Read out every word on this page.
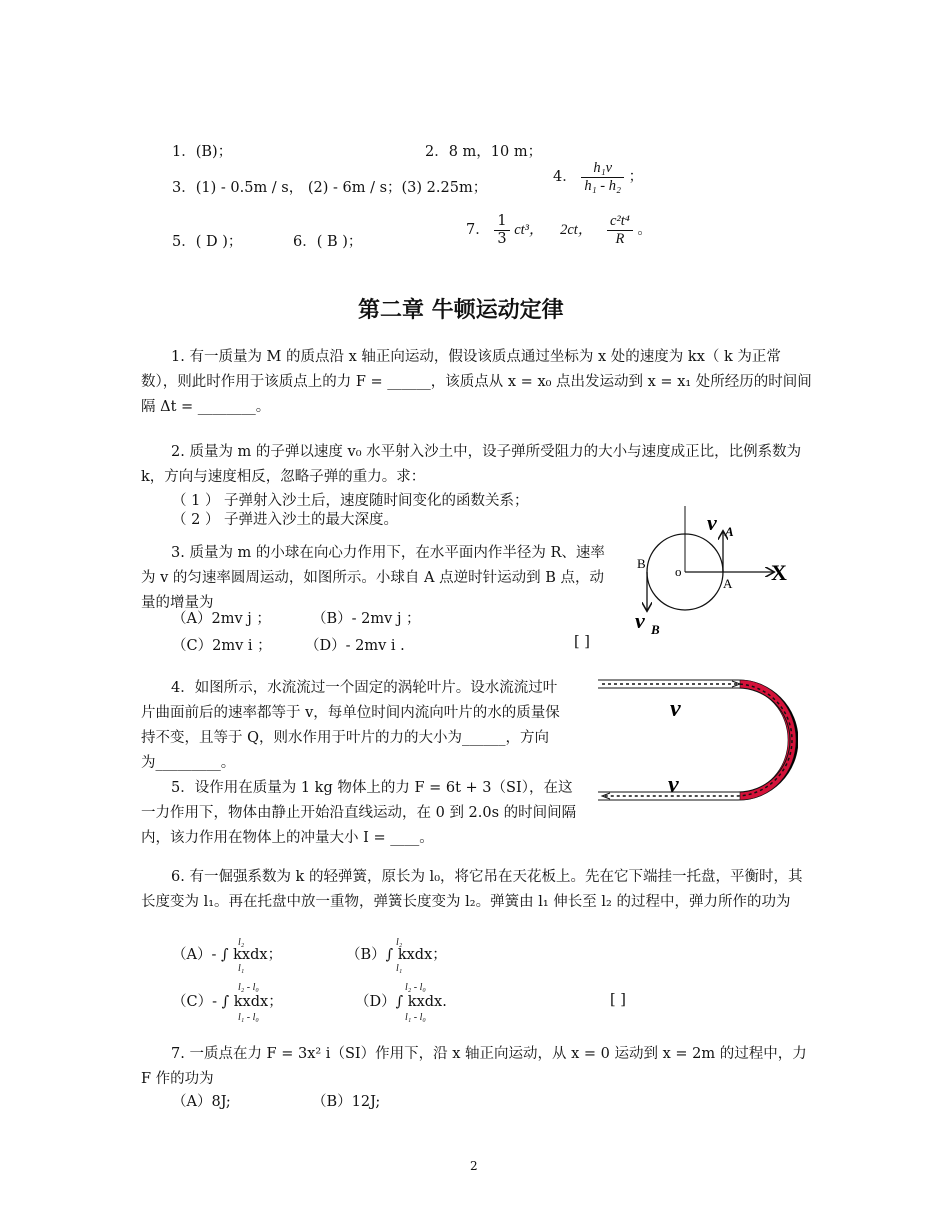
1．(B)；	2．8 m，10 m；
3．(1) - 0.5m / s， (2) - 6m / s；(3) 2.25m；
4． $\frac{\text{h₁v}}{\text{h₁ - h₂}}$ ；
5．( D )；	6．( B )；
7． $\frac{1}{3} ct^3$， 2ct， $\frac{\text{c²t⁴}}{R}$ 。
第二章 牛顿运动定律
1. 有一质量为 M 的质点沿 x 轴正向运动，假设该质点通过坐标为 x 处的速度为 kx（ k 为正常数），则此时作用于该质点上的力 F = ______，该质点从 x = x₀ 点出发运动到 x = x₁ 处所经历的时间间隔 Δt = ________。
2. 质量为 m 的子弹以速度 v₀ 水平射入沙土中，设子弹所受阻力的大小与速度成正比，比例系数为 k，方向与速度相反，忽略子弹的重力。求：
（ 1 ） 子弹射入沙土后，速度随时间变化的函数关系；
（ 2 ） 子弹进入沙土的最大深度。
3. 质量为 m 的小球在向心力作用下，在水平面内作半径为 R、速率为 v 的匀速率圆周运动，如图所示。小球自 A 点逆时针运动到 B 点，动量的增量为
（A）2mv j ；	（B）- 2mv j ；
（C）2mv i ； （D）- 2mv i .	[ ]
v A
v B
B
o
A X
4．如图所示，水流流过一个固定的涡轮叶片。设水流流过叶片曲面前后的速率都等于 v，每单位时间内流向叶片的水的质量保持不变，且等于 Q，则水作用于叶片的力的大小为______，方向为_________。
v
v
5．设作用在质量为 1 kg 物体上的力 F = 6t + 3（SI），在这一力作用下，物体由静止开始沿直线运动，在 0 到 2.0s 的时间间隔内，该力作用在物体上的冲量大小 I = ____。
6. 有一倔强系数为 k 的轻弹簧，原长为 l₀，将它吊在天花板上。先在它下端挂一托盘，平衡时，其长度变为 l₁。再在托盘中放一重物，弹簧长度变为 l₂。弹簧由 l₁ 伸长至 l₂ 的过程中，弹力所作的功为
（A）- ∫ kxdx；
l₂
l₁
（B）∫ kxdx；
l₂
l₁
（C）- ∫ kxdx；
l₂ - l₀
l₁ - l₀
（D）∫ kxdx.
l₂ - l₀
l₁ - l₀
[ ]
7. 一质点在力 F = 3x² i（SI）作用下，沿 x 轴正向运动，从 x = 0 运动到 x = 2m 的过程中，力 F 作的功为
（A）8J;	（B）12J;
2
